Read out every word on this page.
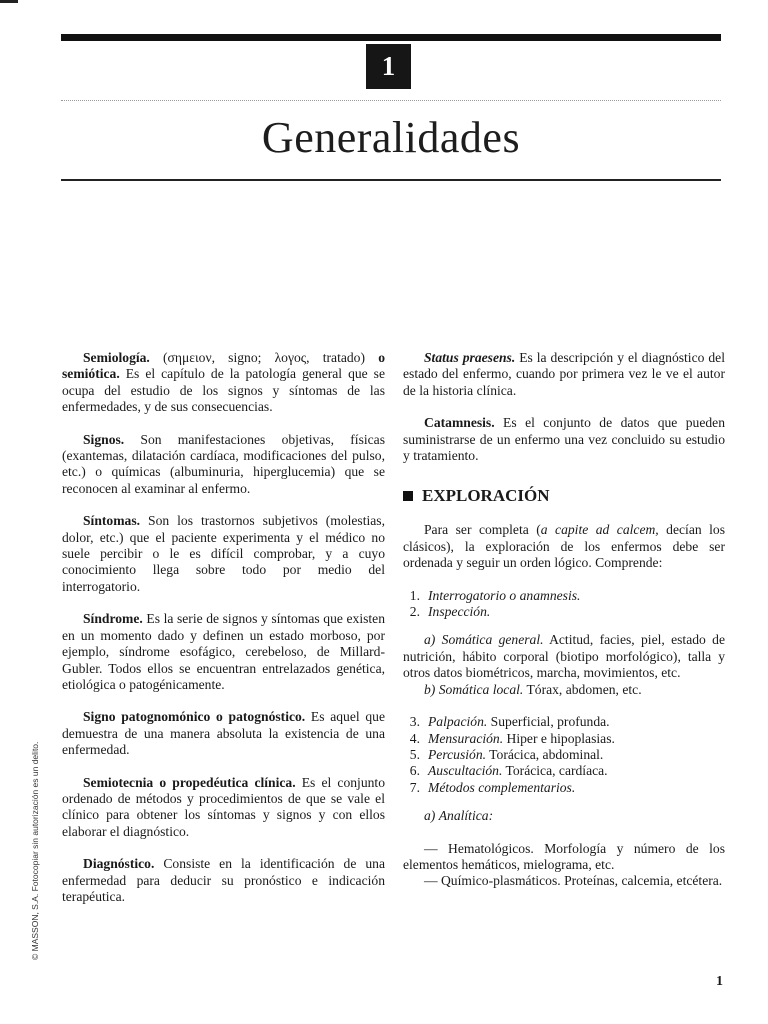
1
Generalidades

Semiología. (σημειον, signo; λογος, tratado) o semiótica. Es el capítulo de la patología general que se ocupa del estudio de los signos y síntomas de las enfermedades, y de sus consecuencias.

Signos. Son manifestaciones objetivas, físicas (exantemas, dilatación cardíaca, modificaciones del pulso, etc.) o químicas (albuminuria, hiperglucemia) que se reconocen al examinar al enfermo.

Síntomas. Son los trastornos subjetivos (molestias, dolor, etc.) que el paciente experimenta y el médico no suele percibir o le es difícil comprobar, y a cuyo conocimiento llega sobre todo por medio del interrogatorio.

Síndrome. Es la serie de signos y síntomas que existen en un momento dado y definen un estado morboso, por ejemplo, síndrome esofágico, cerebeloso, de Millard-Gubler. Todos ellos se encuentran entrelazados genética, etiológica o patogénicamente.

Signo patognomónico o patognóstico. Es aquel que demuestra de una manera absoluta la existencia de una enfermedad.

Semiotecnia o propedéutica clínica. Es el conjunto ordenado de métodos y procedimientos de que se vale el clínico para obtener los síntomas y signos y con ellos elaborar el diagnóstico.

Diagnóstico. Consiste en la identificación de una enfermedad para deducir su pronóstico e indicación terapéutica.

Status praesens. Es la descripción y el diagnóstico del estado del enfermo, cuando por primera vez le ve el autor de la historia clínica.

Catamnesis. Es el conjunto de datos que pueden suministrarse de un enfermo una vez concluido su estudio y tratamiento.

EXPLORACIÓN

Para ser completa (a capite ad calcem, decían los clásicos), la exploración de los enfermos debe ser ordenada y seguir un orden lógico. Comprende:

1. Interrogatorio o anamnesis.
2. Inspección.

a) Somática general. Actitud, facies, piel, estado de nutrición, hábito corporal (biotipo morfológico), talla y otros datos biométricos, marcha, movimientos, etc.

b) Somática local. Tórax, abdomen, etc.

3. Palpación. Superficial, profunda.
4. Mensuración. Hiper e hipoplasias.
5. Percusión. Torácica, abdominal.
6. Auscultación. Torácica, cardíaca.
7. Métodos complementarios.

a) Analítica:

— Hematológicos. Morfología y número de los elementos hemáticos, mielograma, etc.

— Químico-plasmáticos. Proteínas, calcemia, etcétera.

© MASSON, S.A. Fotocopiar sin autorización es un delito.
1
